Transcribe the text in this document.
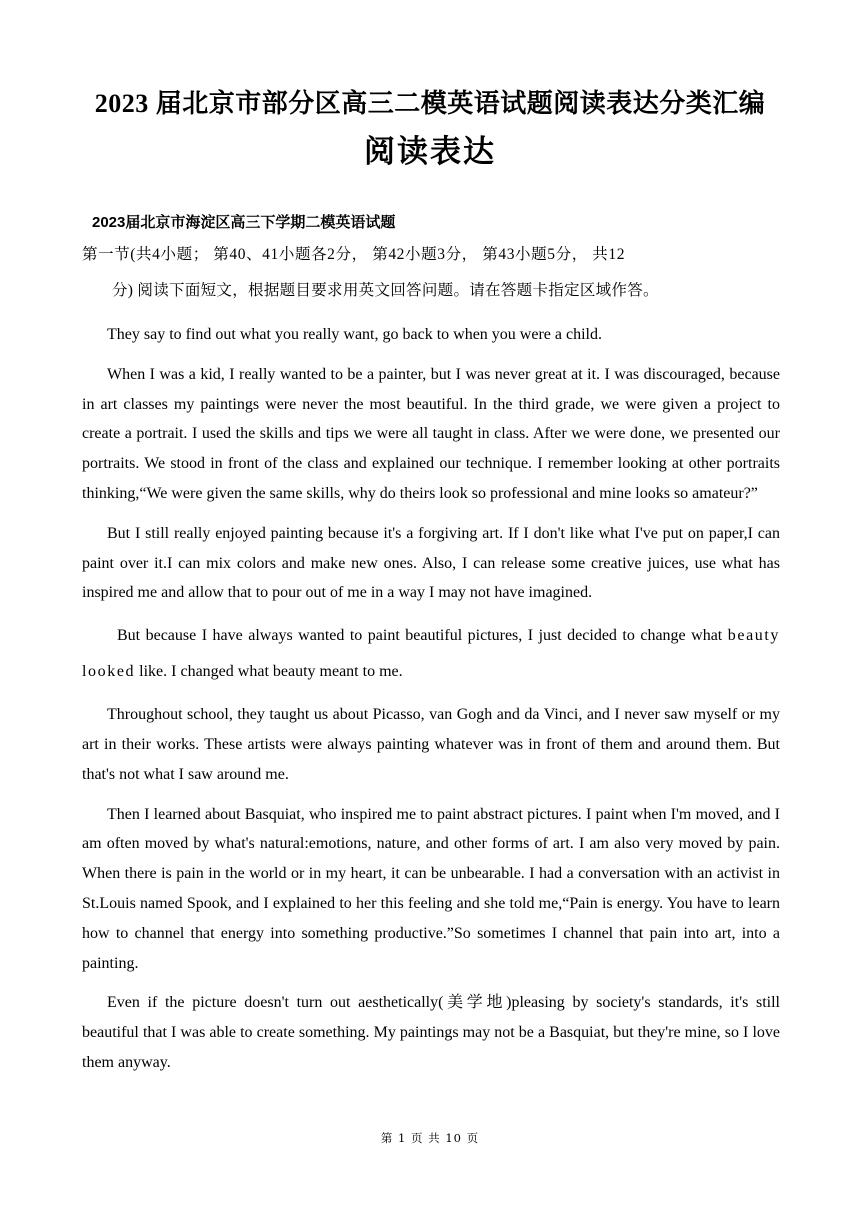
2023 届北京市部分区高三二模英语试题阅读表达分类汇编
阅读表达
2023届北京市海淀区高三下学期二模英语试题
第一节(共4小题； 第40、41小题各2分， 第42小题3分， 第43小题5分， 共12
分) 阅读下面短文，根据题目要求用英文回答问题。请在答题卡指定区域作答。

They say to find out what you really want, go back to when you were a child.

When I was a kid, I really wanted to be a painter, but I was never great at it. I was discouraged, because in art classes my paintings were never the most beautiful. In the third grade, we were given a project to create a portrait. I used the skills and tips we were all taught in class. After we were done, we presented our portraits. We stood in front of the class and explained our technique. I remember looking at other portraits thinking,“We were given the same skills, why do theirs look so professional and mine looks so amateur?”

But I still really enjoyed painting because it's a forgiving art. If I don't like what I've put on paper,I can paint over it.I can mix colors and make new ones. Also, I can release some creative juices, use what has inspired me and allow that to pour out of me in a way I may not have imagined.

But because I have always wanted to paint beautiful pictures, I just decided to change what beauty looked like. I changed what beauty meant to me.

Throughout school, they taught us about Picasso, van Gogh and da Vinci, and I never saw myself or my art in their works. These artists were always painting whatever was in front of them and around them. But that's not what I saw around me.

Then I learned about Basquiat, who inspired me to paint abstract pictures. I paint when I'm moved, and I am often moved by what's natural:emotions, nature, and other forms of art. I am also very moved by pain. When there is pain in the world or in my heart, it can be unbearable. I had a conversation with an activist in St.Louis named Spook, and I explained to her this feeling and she told me,“Pain is energy. You have to learn how to channel that energy into something productive.”So sometimes I channel that pain into art, into a painting.

Even if the picture doesn't turn out aesthetically(美学地)pleasing by society's standards, it's still beautiful that I was able to create something. My paintings may not be a Basquiat, but they're mine, so I love them anyway.

第 1 页 共 10 页
